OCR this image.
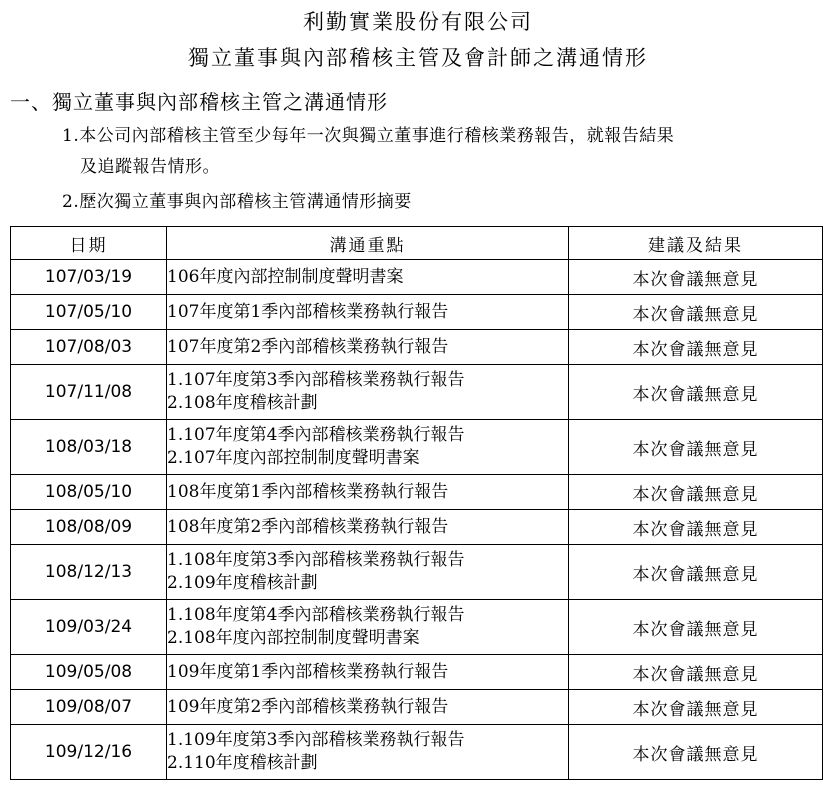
利勤實業股份有限公司
獨立董事與內部稽核主管及會計師之溝通情形
一、獨立董事與內部稽核主管之溝通情形

1.本公司內部稽核主管至少每年一次與獨立董事進行稽核業務報告，就報告結果

及追蹤報告情形。

2.歷次獨立董事與內部稽核主管溝通情形摘要

日期	溝通重點	建議及結果
107/03/19	106年度內部控制制度聲明書案	本次會議無意見
107/05/10	107年度第1季內部稽核業務執行報告	本次會議無意見
107/08/03	107年度第2季內部稽核業務執行報告	本次會議無意見
107/11/08	1.107年度第3季內部稽核業務執行報告
2.108年度稽核計劃	本次會議無意見
108/03/18	1.107年度第4季內部稽核業務執行報告
2.107年度內部控制制度聲明書案	本次會議無意見
108/05/10	108年度第1季內部稽核業務執行報告	本次會議無意見
108/08/09	108年度第2季內部稽核業務執行報告	本次會議無意見
108/12/13	1.108年度第3季內部稽核業務執行報告
2.109年度稽核計劃	本次會議無意見
109/03/24	1.108年度第4季內部稽核業務執行報告
2.108年度內部控制制度聲明書案	本次會議無意見
109/05/08	109年度第1季內部稽核業務執行報告	本次會議無意見
109/08/07	109年度第2季內部稽核業務執行報告	本次會議無意見
109/12/16	1.109年度第3季內部稽核業務執行報告
2.110年度稽核計劃	本次會議無意見
